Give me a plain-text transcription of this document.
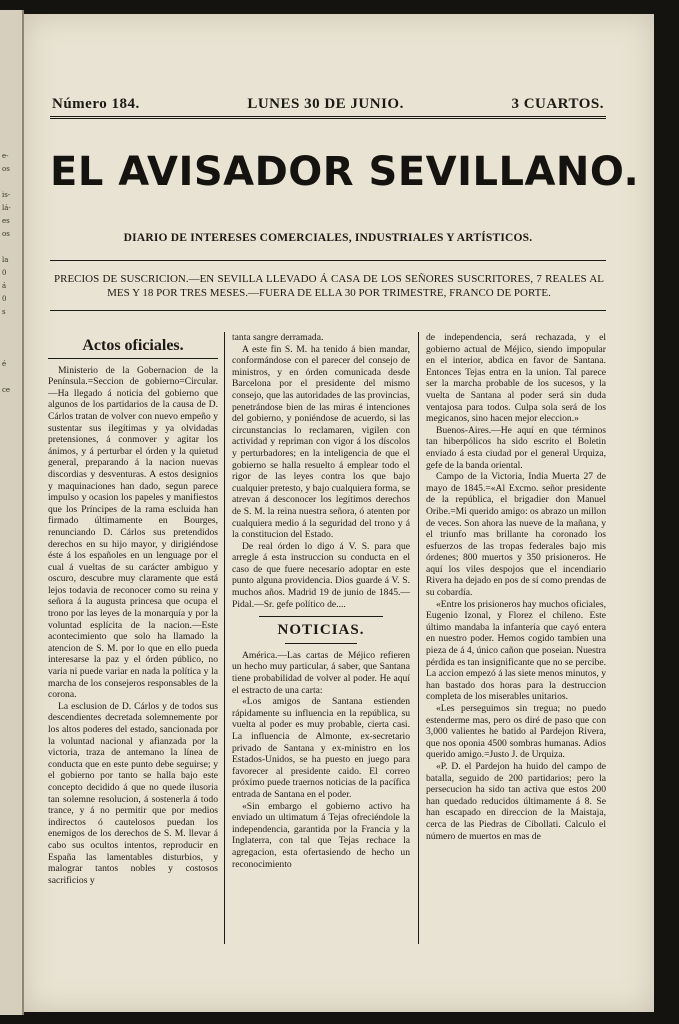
e-
os

is-
lá-
es
os

la
0
á
0
s

é

ce
Número 184.	LUNES 30 DE JUNIO.	3 CUARTOS.
EL AVISADOR SEVILLANO.
DIARIO DE INTERESES COMERCIALES, INDUSTRIALES Y ARTÍSTICOS.
PRECIOS DE SUSCRICION.—EN SEVILLA LLEVADO Á CASA DE LOS SEÑORES SUSCRITORES, 7 REALES AL MES Y 18 POR TRES MESES.—FUERA DE ELLA 30 POR TRIMESTRE, FRANCO DE PORTE.
Actos oficiales.

Ministerio de la Gobernacion de la Península.=Seccion de gobierno=Circular.—Ha llegado á noticia del gobierno que algunos de los partidarios de la causa de D. Cárlos tratan de volver con nuevo empeño y sustentar sus ilegítimas y ya olvidadas pretensiones, á conmover y agitar los ánimos, y á perturbar el órden y la quietud general, preparando á la nacion nuevas discordias y desventuras. A estos designios y maquinaciones han dado, segun parece impulso y ocasion los papeles y manifiestos que los Príncipes de la rama escluida han firmado últimamente en Bourges, renunciando D. Cárlos sus pretendidos derechos en su hijo mayor, y dirigiéndose éste á los españoles en un lenguage por el cual á vueltas de su carácter ambiguo y oscuro, descubre muy claramente que está lejos todavia de reconocer como su reina y señora á la augusta princesa que ocupa el trono por las leyes de la monarquía y por la voluntad esplícita de la nacion.—Este acontecimiento que solo ha llamado la atencion de S. M. por lo que en ello pueda interesarse la paz y el órden público, no varia ni puede variar en nada la política y la marcha de los consejeros responsables de la corona.

La esclusion de D. Cárlos y de todos sus descendientes decretada solemnemente por los altos poderes del estado, sancionada por la voluntad nacional y afianzada por la victoria, traza de antemano la línea de conducta que en este punto debe seguirse; y el gobierno por tanto se halla bajo este concepto decidido á que no quede ilusoria tan solemne resolucion, á sostenerla á todo trance, y á no permitir que por medios indirectos ó cautelosos puedan los enemigos de los derechos de S. M. llevar á cabo sus ocultos intentos, reproducir en España las lamentables disturbios, y malograr tantos nobles y costosos sacrificios y

tanta sangre derramada.

A este fin S. M. ha tenido á bien mandar, conformándose con el parecer del consejo de ministros, y en órden comunicada desde Barcelona por el presidente del mismo consejo, que las autoridades de las provincias, penetrándose bien de las miras é intenciones del gobierno, y poniéndose de acuerdo, si las circunstancias lo reclamaren, vigilen con actividad y repriman con vigor á los díscolos y perturbadores; en la inteligencia de que el gobierno se halla resuelto á emplear todo el rigor de las leyes contra los que bajo cualquier pretesto, y bajo cualquiera forma, se atrevan á desconocer los legítimos derechos de S. M. la reina nuestra señora, ó atenten por cualquiera medio á la seguridad del trono y á la constitucion del Estado.

De real órden lo digo á V. S. para que arregle á esta instruccion su conducta en el caso de que fuere necesario adoptar en este punto alguna providencia. Dios guarde á V. S. muchos años. Madrid 19 de junio de 1845.—Pidal.—Sr. gefe político de....

NOTICIAS.

América.—Las cartas de Méjico refieren un hecho muy particular, á saber, que Santana tiene probabilidad de volver al poder. He aquí el estracto de una carta:

«Los amigos de Santana estienden rápidamente su influencia en la república, su vuelta al poder es muy probable, cierta casi. La influencia de Almonte, ex-secretario privado de Santana y ex-ministro en los Estados-Unidos, se ha puesto en juego para favorecer al presidente caido. El correo próximo puede traernos noticias de la pacífica entrada de Santana en el poder.

«Sin embargo el gobierno activo ha enviado un ultimatum á Tejas ofreciéndole la independencia, garantida por la Francia y la Inglaterra, con tal que Tejas rechace la agregacion, esta ofertasiendo de hecho un reconocimiento

de independencia, será rechazada, y el gobierno actual de Méjico, siendo impopular en el interior, abdica en favor de Santana. Entonces Tejas entra en la union. Tal parece ser la marcha probable de los sucesos, y la vuelta de Santana al poder será sin duda ventajosa para todos. Culpa sola será de los megicanos, sino hacen mejor eleccion.»

Buenos-Aires.—He aquí en que términos tan hiberpólicos ha sido escrito el Boletin enviado á esta ciudad por el general Urquiza, gefe de la banda oriental.

Campo de la Victoria, India Muerta 27 de mayo de 1845.=«Al Excmo. señor presidente de la república, el brigadier don Manuel Oribe.=Mi querido amigo: os abrazo un millon de veces. Son ahora las nueve de la mañana, y el triunfo mas brillante ha coronado los esfuerzos de las tropas federales bajo mis órdenes; 800 muertos y 350 prisioneros. He aquí los viles despojos que el incendiario Rivera ha dejado en pos de sí como prendas de su cobardía.

«Entre los prisioneros hay muchos oficiales, Eugenio Izonal, y Florez el chileno. Este último mandaba la infantería que cayó entera en nuestro poder. Hemos cogido tambien una pieza de á 4, único cañon que poseian. Nuestra pérdida es tan insignificante que no se percibe. La accion empezó á las siete menos minutos, y han bastado dos horas para la destruccion completa de los miserables unitarios.

«Les perseguimos sin tregua; no puedo estenderme mas, pero os diré de paso que con 3,000 valientes he batido al Pardejon Rivera, que nos oponia 4500 sombras humanas. Adios querido amigo.=Justo J. de Urquiza.

«P. D. el Pardejon ha huido del campo de batalla, seguido de 200 partidarios; pero la persecucion ha sido tan activa que estos 200 han quedado reducidos últimamente á 8. Se han escapado en direccion de la Maistaja, cerca de las Piedras de Cibollati. Calculo el número de muertos en mas de
